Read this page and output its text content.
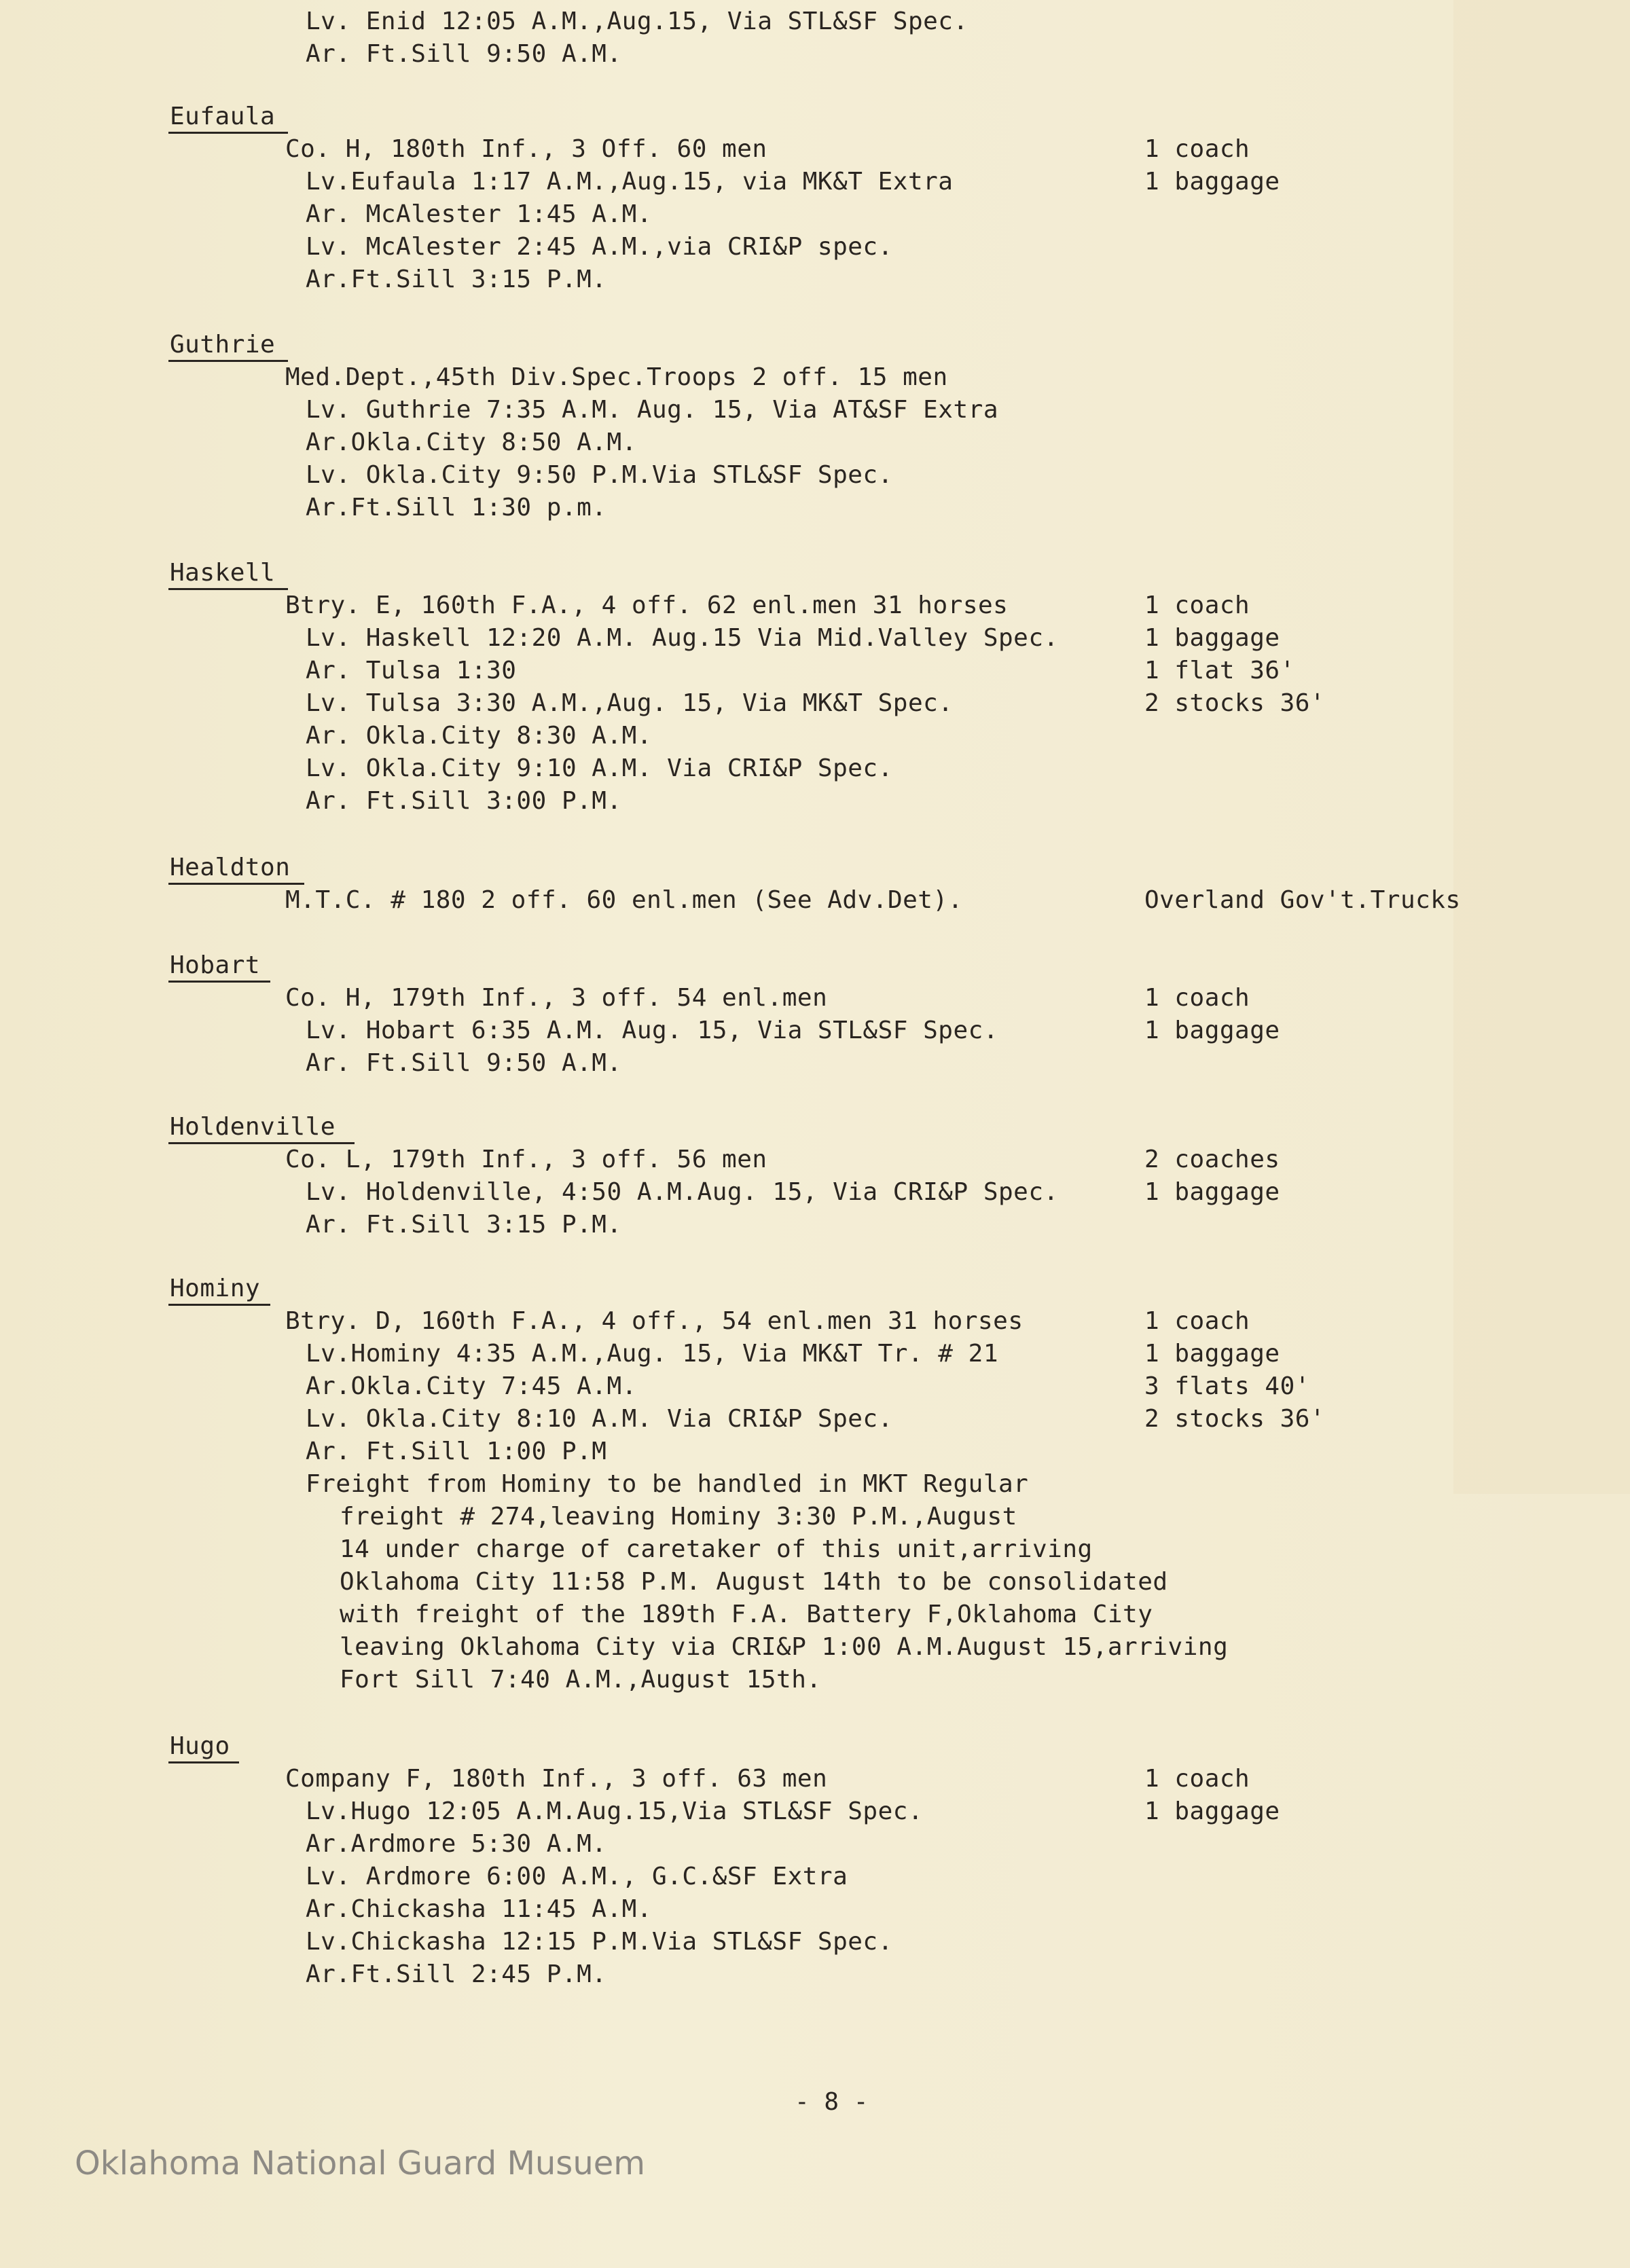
Lv. Enid 12:05 A.M.,Aug.15, Via STL&SF Spec.
Ar. Ft.Sill 9:50 A.M.
Eufaula
Co. H, 180th Inf., 3 Off. 60 men
Lv.Eufaula 1:17 A.M.,Aug.15, via MK&T Extra
Ar. McAlester 1:45 A.M.
Lv. McAlester 2:45 A.M.,via CRI&P spec.
Ar.Ft.Sill 3:15 P.M.
1 coach
1 baggage
Guthrie
Med.Dept.,45th Div.Spec.Troops 2 off. 15 men
Lv. Guthrie 7:35 A.M. Aug. 15, Via AT&SF Extra
Ar.Okla.City 8:50 A.M.
Lv. Okla.City 9:50 P.M.Via STL&SF Spec.
Ar.Ft.Sill 1:30 p.m.
Haskell
Btry. E, 160th F.A., 4 off. 62 enl.men 31 horses
Lv. Haskell 12:20 A.M. Aug.15 Via Mid.Valley Spec.
Ar. Tulsa 1:30
Lv. Tulsa 3:30 A.M.,Aug. 15, Via MK&T Spec.
Ar. Okla.City 8:30 A.M.
Lv. Okla.City 9:10 A.M. Via CRI&P Spec.
Ar. Ft.Sill 3:00 P.M.
1 coach
1 baggage
1 flat 36'
2 stocks 36'
Healdton
M.T.C. # 180 2 off. 60 enl.men (See Adv.Det).	Overland Gov't.Trucks
Hobart
Co. H, 179th Inf., 3 off. 54 enl.men
Lv. Hobart 6:35 A.M. Aug. 15, Via STL&SF Spec.
Ar. Ft.Sill 9:50 A.M.
1 coach
1 baggage
Holdenville
Co. L, 179th Inf., 3 off. 56 men
Lv. Holdenville, 4:50 A.M.Aug. 15, Via CRI&P Spec.
Ar. Ft.Sill 3:15 P.M.
2 coaches
1 baggage
Hominy
Btry. D, 160th F.A., 4 off., 54 enl.men 31 horses
Lv.Hominy 4:35 A.M.,Aug. 15, Via MK&T Tr. # 21
Ar.Okla.City 7:45 A.M.
Lv. Okla.City 8:10 A.M. Via CRI&P Spec.
Ar. Ft.Sill 1:00 P.M
Freight from Hominy to be handled in MKT Regular
freight # 274,leaving Hominy 3:30 P.M.,August
14 under charge of caretaker of this unit,arriving
Oklahoma City 11:58 P.M. August 14th to be consolidated
with freight of the 189th F.A. Battery F,Oklahoma City
leaving Oklahoma City via CRI&P 1:00 A.M.August 15,arriving
Fort Sill 7:40 A.M.,August 15th.
1 coach
1 baggage
3 flats 40'
2 stocks 36'
Hugo
Company F, 180th Inf., 3 off. 63 men
Lv.Hugo 12:05 A.M.Aug.15,Via STL&SF Spec.
Ar.Ardmore 5:30 A.M.
Lv. Ardmore 6:00 A.M., G.C.&SF Extra
Ar.Chickasha 11:45 A.M.
Lv.Chickasha 12:15 P.M.Via STL&SF Spec.
Ar.Ft.Sill 2:45 P.M.
1 coach
1 baggage
- 8 -
Oklahoma National Guard Musuem
